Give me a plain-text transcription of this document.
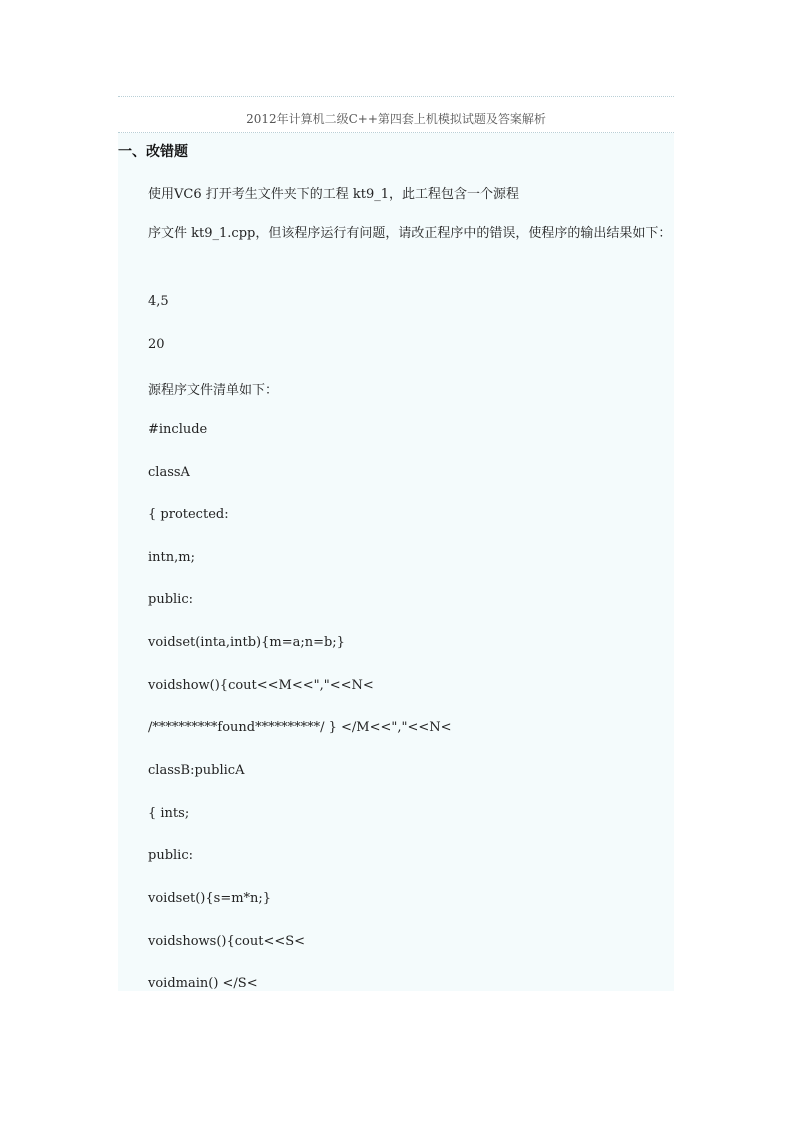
2012年计算机二级C++第四套上机模拟试题及答案解析
一、改错题
使用VC6 打开考生文件夹下的工程 kt9_1，此工程包含一个源程
序文件 kt9_1.cpp，但该程序运行有问题，请改正程序中的错误，使程序的输出结果如下：
4,5
20
源程序文件清单如下：
#include
classA
{ protected:
intn,m;
public:
voidset(inta,intb){m=a;n=b;}
voidshow(){cout<<M<<","<<N<
/**********found**********/ } </M<<","<<N<
classB:publicA
{ ints;
public:
voidset(){s=m*n;}
voidshows(){cout<<S<
voidmain() </S<
